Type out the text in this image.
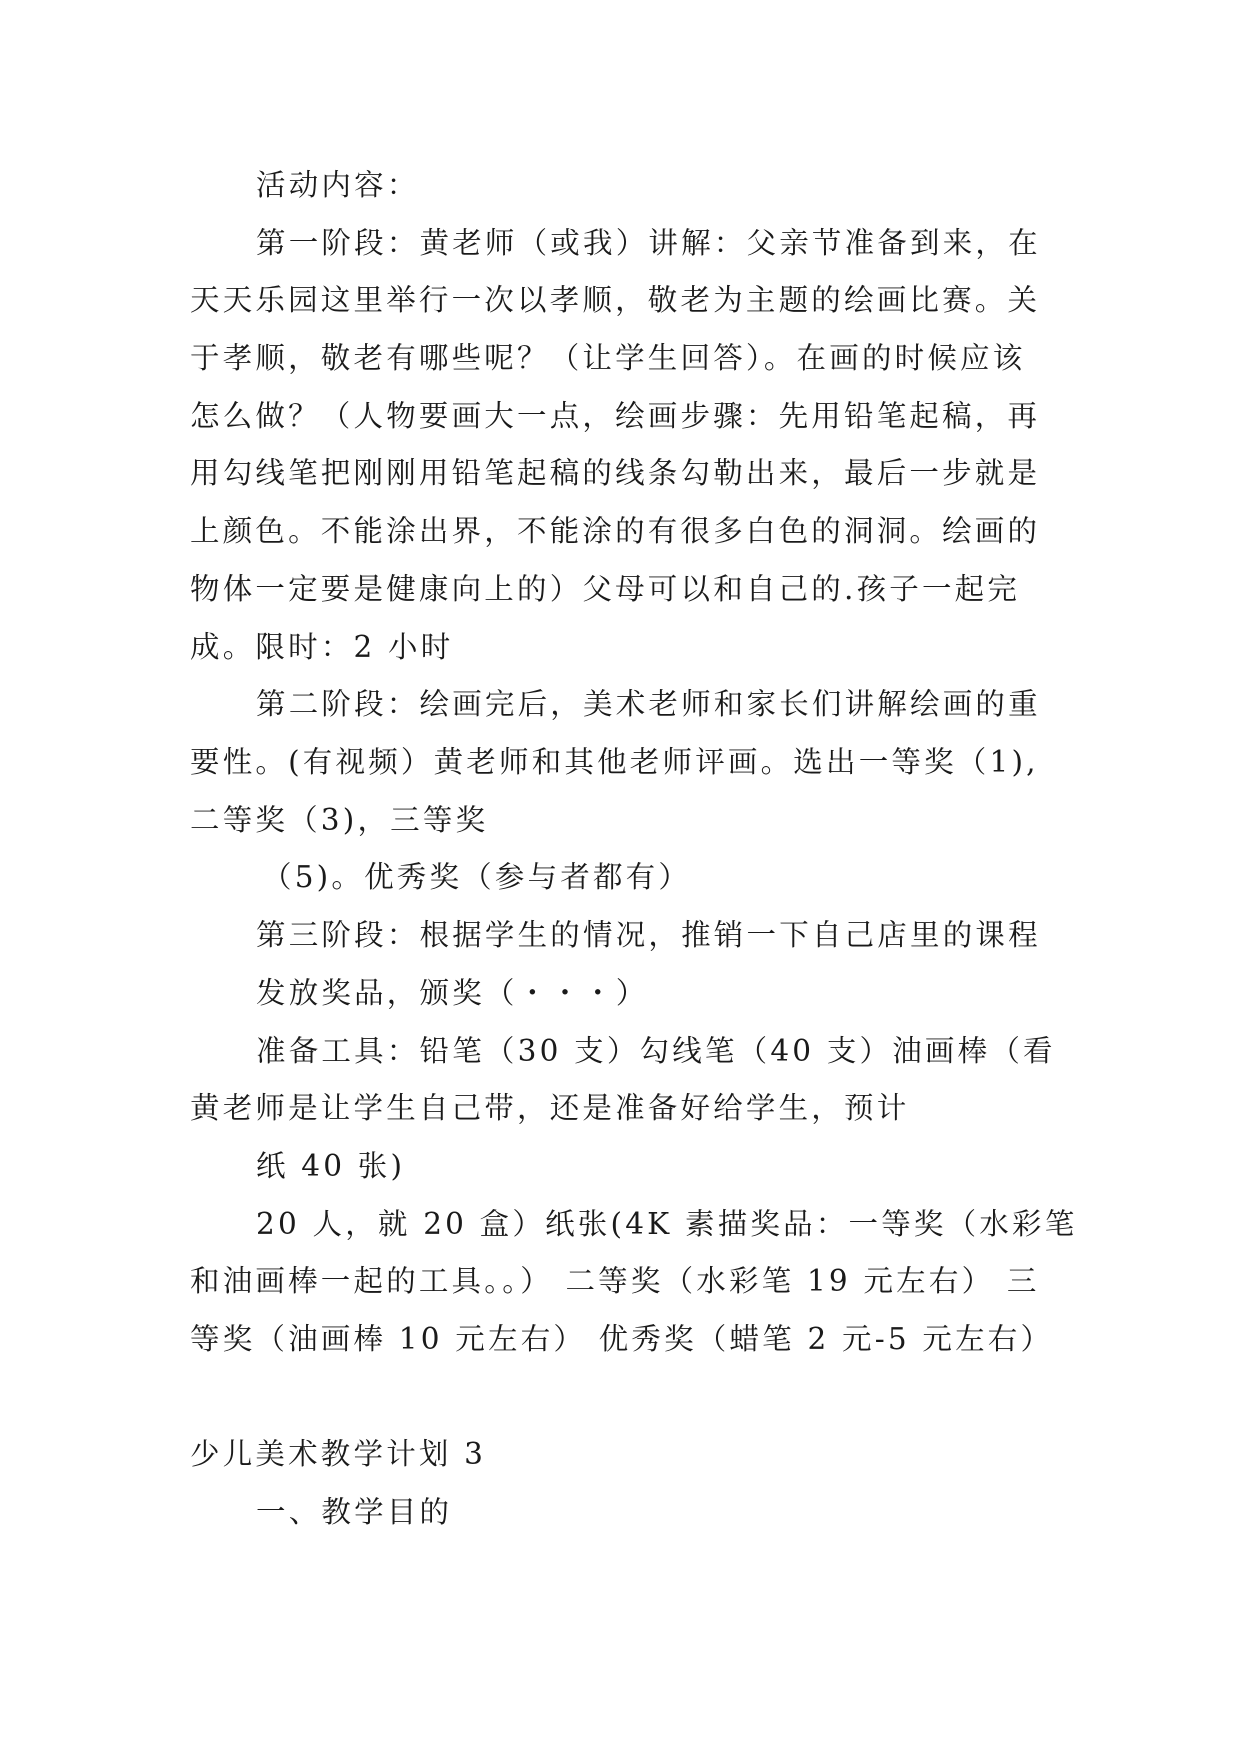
活动内容：
第一阶段：黄老师（或我）讲解：父亲节准备到来，在
天天乐园这里举行一次以孝顺，敬老为主题的绘画比赛。关
于孝顺，敬老有哪些呢？（让学生回答）。在画的时候应该
怎么做？（人物要画大一点，绘画步骤：先用铅笔起稿，再
用勾线笔把刚刚用铅笔起稿的线条勾勒出来，最后一步就是
上颜色。不能涂出界，不能涂的有很多白色的洞洞。绘画的
物体一定要是健康向上的）父母可以和自己的.孩子一起完
成。限时：2 小时
第二阶段：绘画完后，美术老师和家长们讲解绘画的重
要性。(有视频）黄老师和其他老师评画。选出一等奖（1),
二等奖（3)，三等奖
（5)。优秀奖（参与者都有）
第三阶段：根据学生的情况，推销一下自己店里的课程
发放奖品，颁奖（・・・）
准备工具：铅笔（30 支）勾线笔（40 支）油画棒（看
黄老师是让学生自己带，还是准备好给学生，预计
纸 40 张)
20 人，就 20 盒）纸张(4K 素描奖品：一等奖（水彩笔
和油画棒一起的工具。。） 二等奖（水彩笔 19 元左右） 三
等奖（油画棒 10 元左右） 优秀奖（蜡笔 2 元-5 元左右）
少儿美术教学计划 3
一、教学目的
